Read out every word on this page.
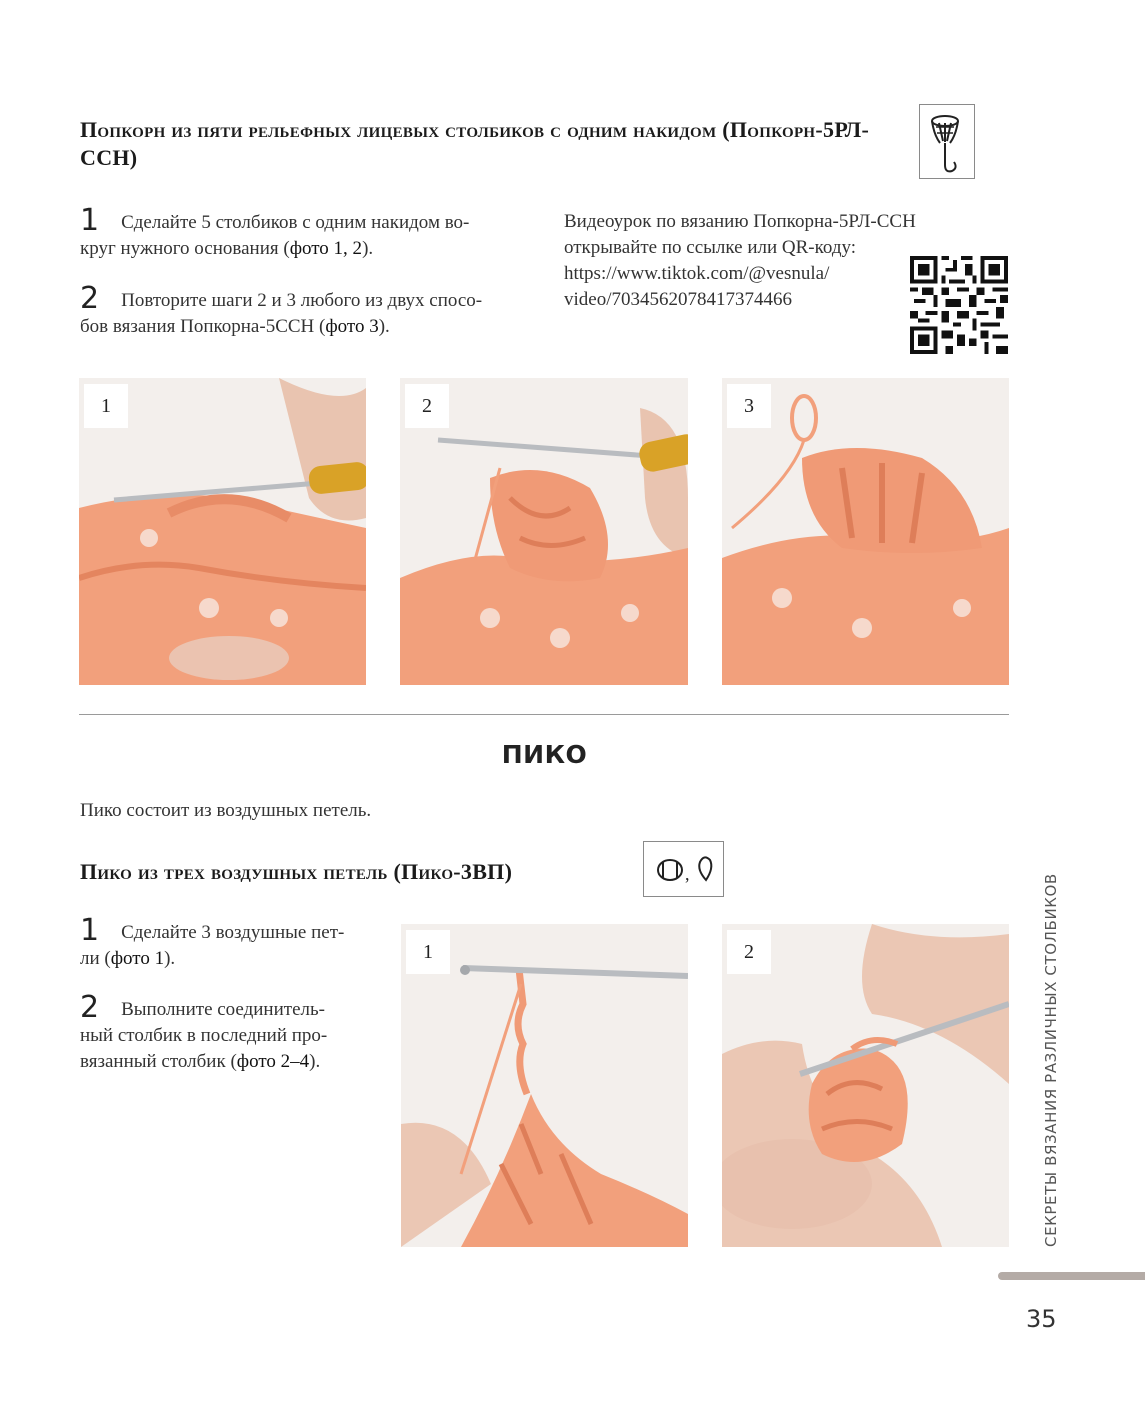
Попкорн из пяти рельефных лицевых столбиков с одним накидом (Попкорн-5РЛ-ССН)
1 Сделайте 5 столбиков с одним накидом во-
круг нужного основания (фото 1, 2).
2 Повторите шаги 2 и 3 любого из двух спосо-
бов вязания Попкорна-5ССН (фото 3).
Видеоурок по вязанию Попкорна-5РЛ-ССН
открывайте по ссылке или QR-коду:
https://www.tiktok.com/@vesnula/
video/7034562078417374466
1	2	3
ПИКО
Пико состоит из воздушных петель.
Пико из трех воздушных петель (Пико-3ВП)	,
1 Сделайте 3 воздушные пет-
ли (фото 1).
2 Выполните соединитель-
ный столбик в последний про-
вязанный столбик (фото 2–4).
1	2	СЕКРЕТЫ ВЯЗАНИЯ РАЗЛИЧНЫХ СТОЛБИКОВ
35
